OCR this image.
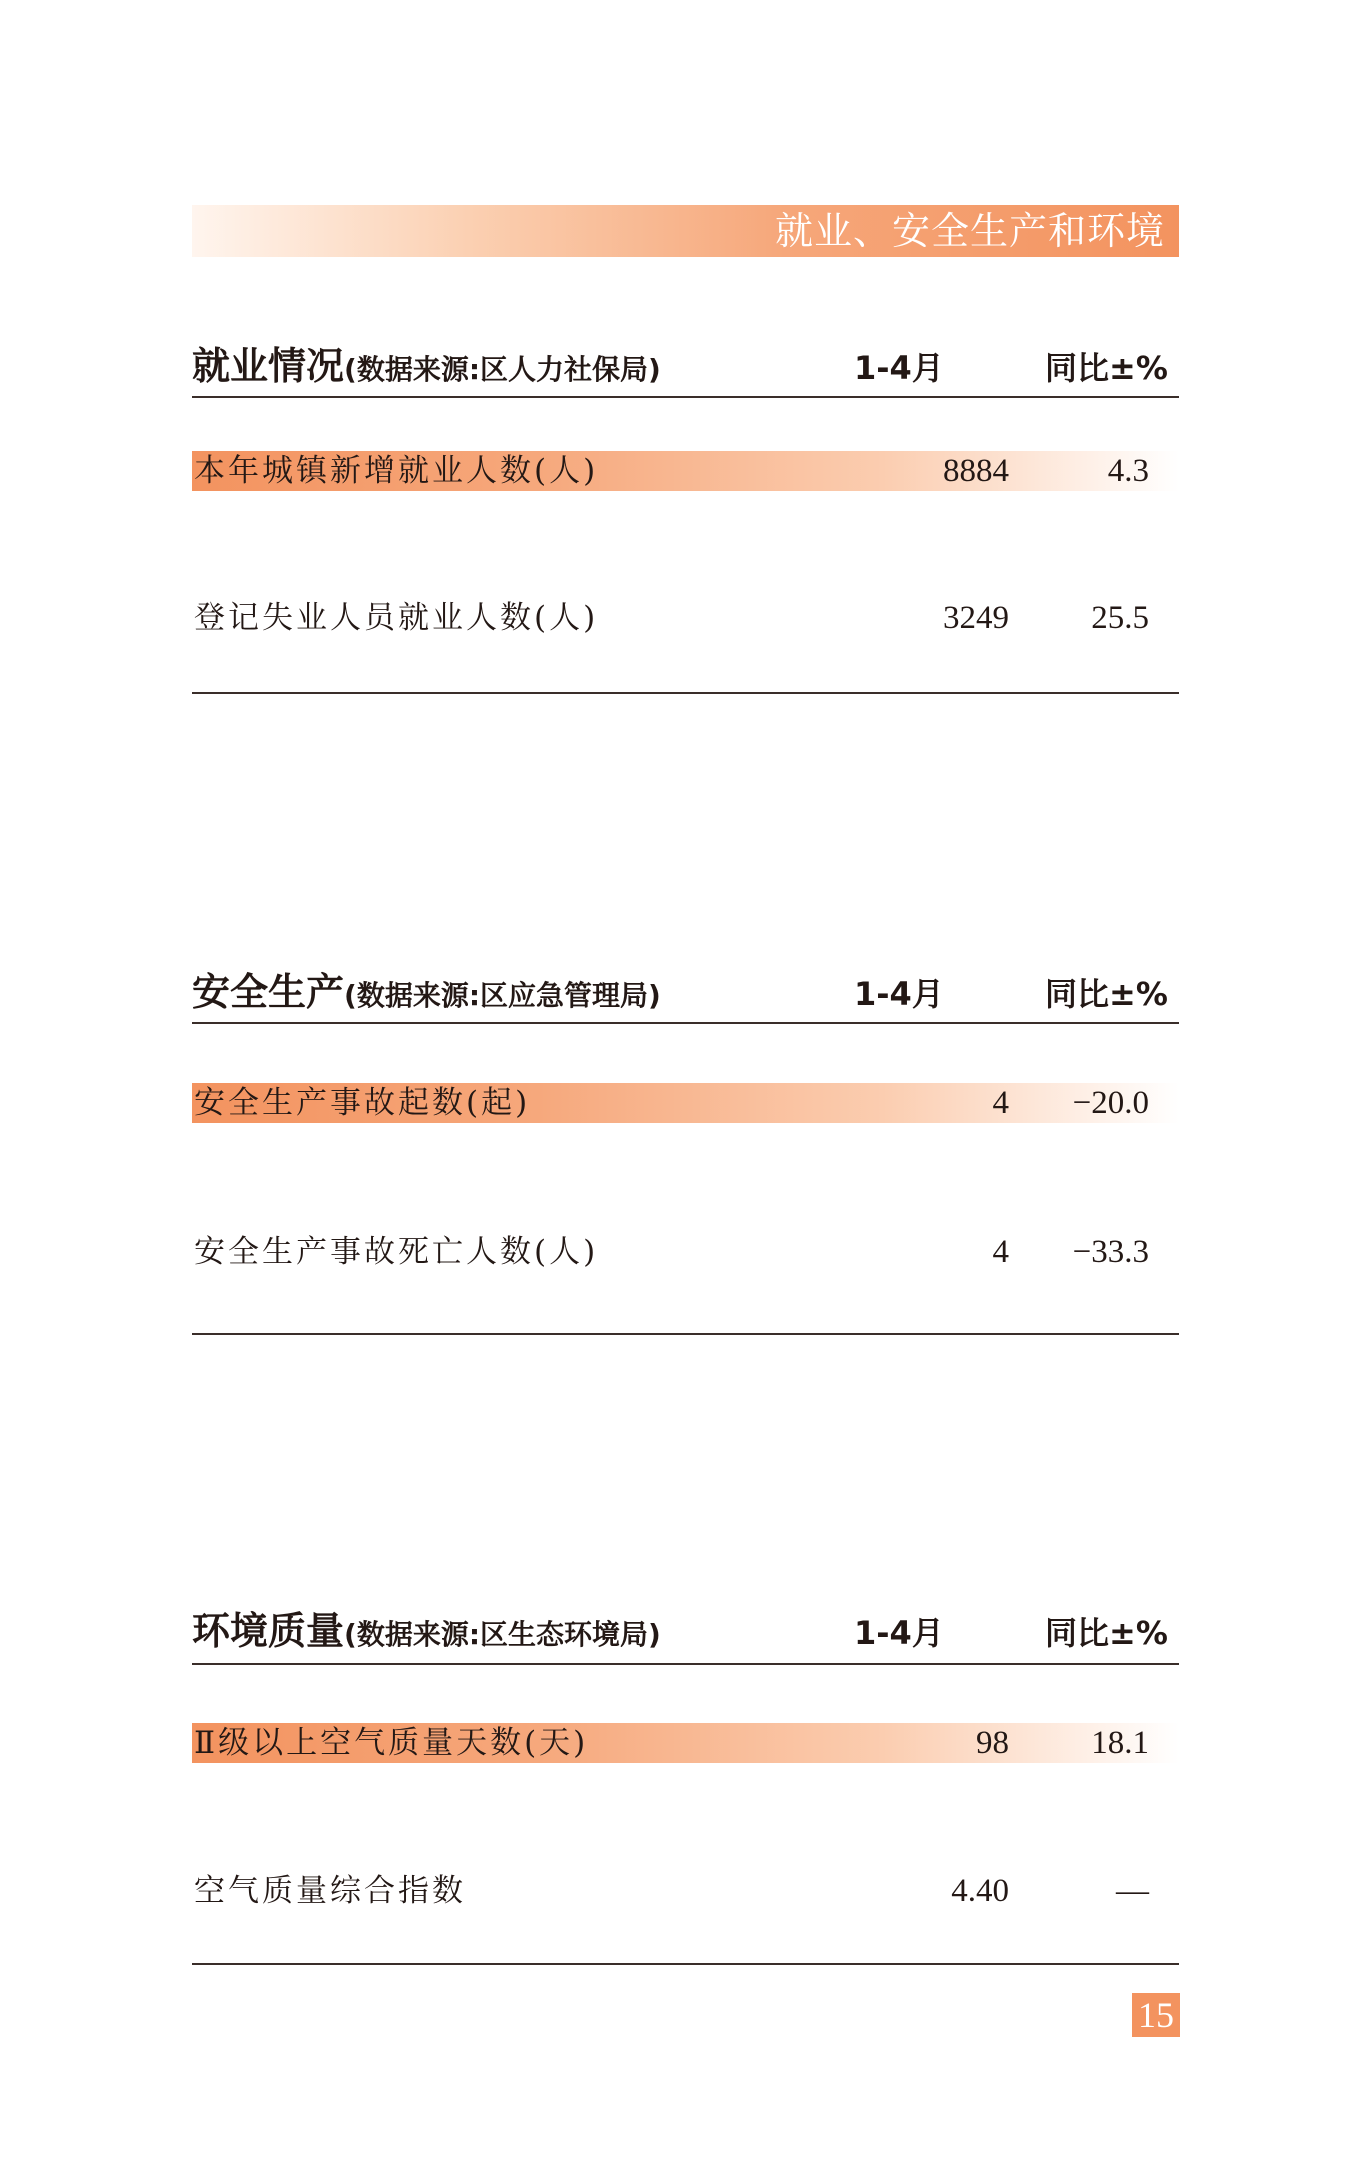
就业、安全生产和环境
就业情况(数据来源:区人力社保局)	1-4月	同比±%
本年城镇新增就业人数(人)	8884	4.3
登记失业人员就业人数(人)	3249	25.5
安全生产(数据来源:区应急管理局)	1-4月	同比±%
安全生产事故起数(起)	4	−20.0
安全生产事故死亡人数(人)	4	−33.3
环境质量(数据来源:区生态环境局)	1-4月	同比±%
Ⅱ级以上空气质量天数(天)	98	18.1
空气质量综合指数	4.40	—
15
